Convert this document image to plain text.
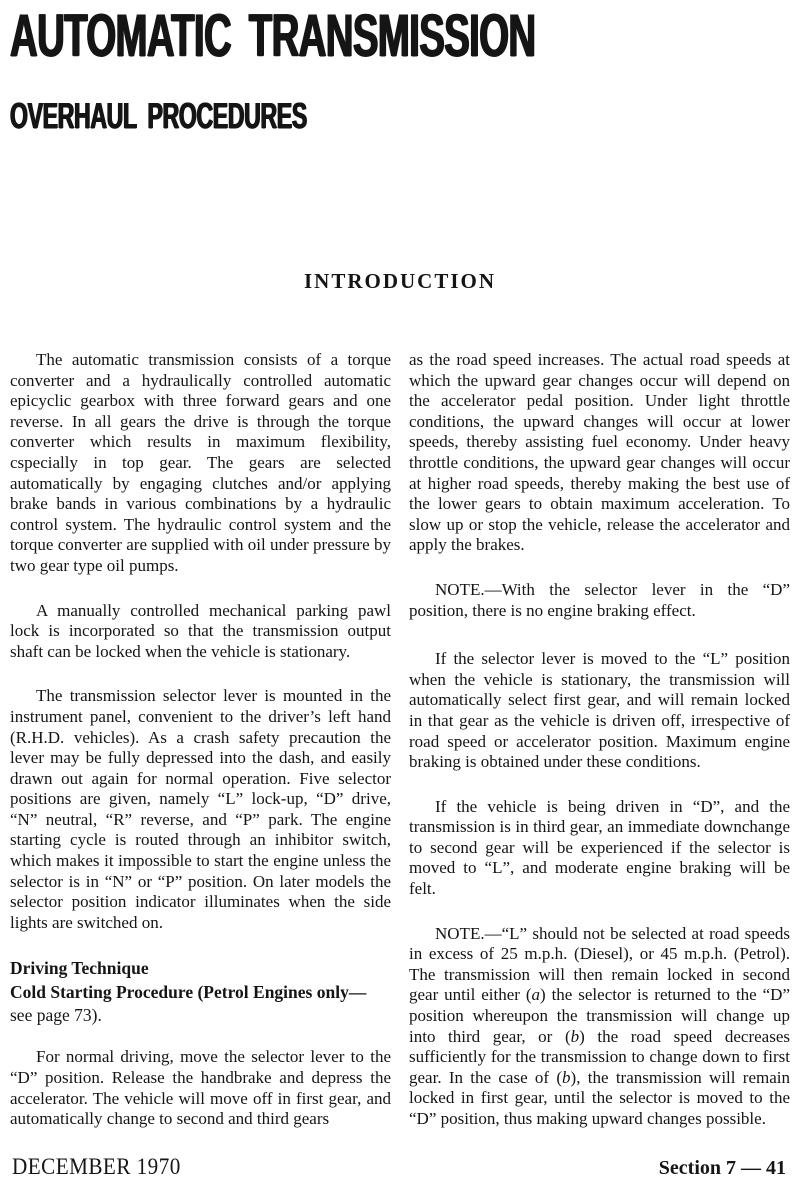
AUTOMATIC TRANSMISSION
OVERHAUL PROCEDURES
INTRODUCTION

The automatic transmission consists of a torque converter and a hydraulically controlled automatic epicyclic gearbox with three forward gears and one reverse. In all gears the drive is through the torque converter which results in maximum flexibility, cspecially in top gear. The gears are selected automatically by engaging clutches and/or applying brake bands in various combinations by a hydraulic control system. The hydraulic control system and the torque converter are supplied with oil under pressure by two gear type oil pumps.

A manually controlled mechanical parking pawl lock is incorporated so that the transmission output shaft can be locked when the vehicle is stationary.

The transmission selector lever is mounted in the instrument panel, convenient to the driver’s left hand (R.H.D. vehicles). As a crash safety precaution the lever may be fully depressed into the dash, and easily drawn out again for normal operation. Five selector positions are given, namely “L” lock-up, “D” drive, “N” neutral, “R” reverse, and “P” park. The engine starting cycle is routed through an inhibitor switch, which makes it impossible to start the engine unless the selector is in “N” or “P” position. On later models the selector position indicator illuminates when the side lights are switched on.

Driving Technique

Cold Starting Procedure (Petrol Engines only—
see page 73).

For normal driving, move the selector lever to the “D” position. Release the handbrake and depress the accelerator. The vehicle will move off in first gear, and automatically change to second and third gears

as the road speed increases. The actual road speeds at which the upward gear changes occur will depend on the accelerator pedal position. Under light throttle conditions, the upward changes will occur at lower speeds, thereby assisting fuel economy. Under heavy throttle conditions, the upward gear changes will occur at higher road speeds, thereby making the best use of the lower gears to obtain maximum acceleration. To slow up or stop the vehicle, release the accelerator and apply the brakes.

NOTE.—With the selector lever in the “D” position, there is no engine braking effect.

If the selector lever is moved to the “L” position when the vehicle is stationary, the transmission will automatically select first gear, and will remain locked in that gear as the vehicle is driven off, irrespective of road speed or accelerator position. Maximum engine braking is obtained under these conditions.

If the vehicle is being driven in “D”, and the transmission is in third gear, an immediate downchange to second gear will be experienced if the selector is moved to “L”, and moderate engine braking will be felt.

NOTE.—“L” should not be selected at road speeds in excess of 25 m.p.h. (Diesel), or 45 m.p.h. (Petrol). The transmission will then remain locked in second gear until either (a) the selector is returned to the “D” position whereupon the transmission will change up into third gear, or (b) the road speed decreases sufficiently for the transmission to change down to first gear. In the case of (b), the transmission will remain locked in first gear, until the selector is moved to the “D” position, thus making upward changes possible.

DECEMBER 1970	Section 7 — 41
